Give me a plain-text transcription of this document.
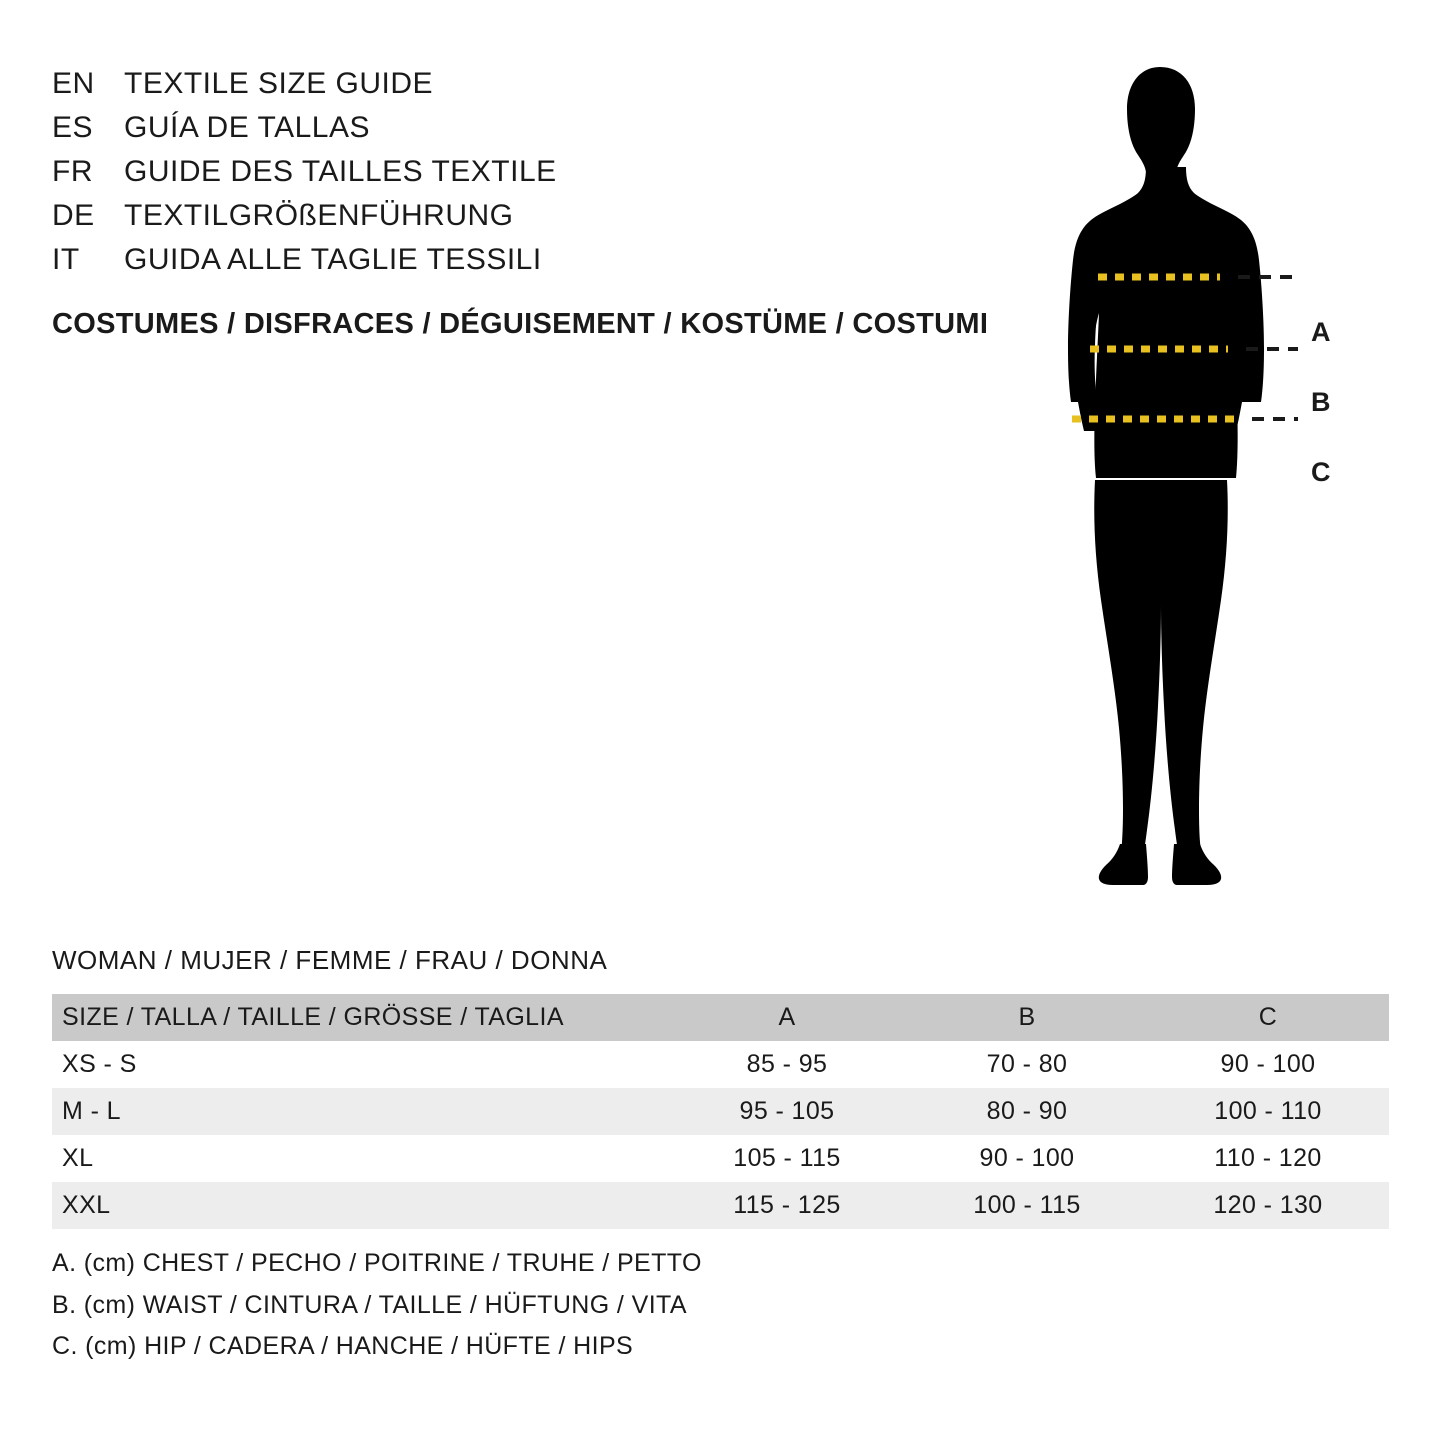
EN TEXTILE SIZE GUIDE
ES	GUÍA DE TALLAS
FR	GUIDE DES TAILLES TEXTILE
DE TEXTILGRÖßENFÜHRUNG
IT	GUIDA ALLE TAGLIE TESSILI
COSTUMES / DISFRACES / DÉGUISEMENT / KOSTÜME / COSTUMI	A
B
C
WOMAN / MUJER / FEMME / FRAU / DONNA
SIZE / TALLA / TAILLE / GRÖSSE / TAGLIA	A	B	C
XS - S	85 - 95	70 - 80	90 - 100
M - L	95 - 105	80 - 90	100 - 110
XL	105 - 115	90 - 100	110 - 120
XXL	115 - 125	100 - 115	120 - 130
A. (cm) CHEST / PECHO / POITRINE / TRUHE / PETTO
B. (cm) WAIST / CINTURA / TAILLE / HÜFTUNG / VITA
C. (cm) HIP / CADERA / HANCHE / HÜFTE / HIPS
